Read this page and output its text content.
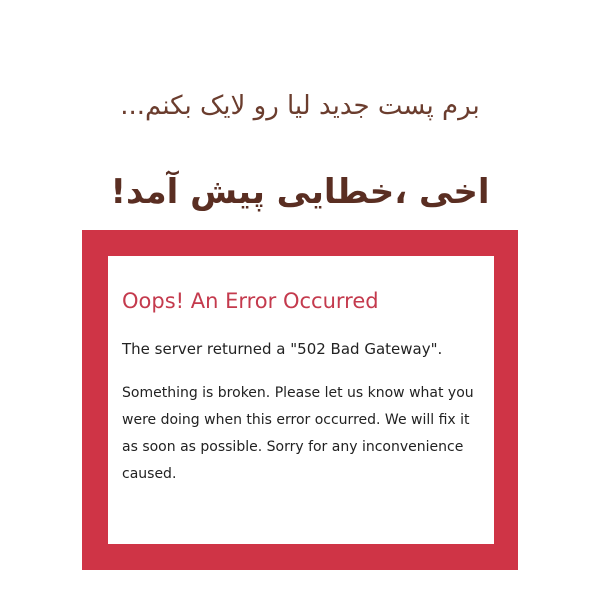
برم پست جدید لیا رو لایک بکنم...
اخی ،خطایی پیش آمد!
Oops! An Error Occurred

The server returned a "502 Bad Gateway".

Something is broken. Please let us know what you were doing when this error occurred. We will fix it as soon as possible. Sorry for any inconvenience caused.
